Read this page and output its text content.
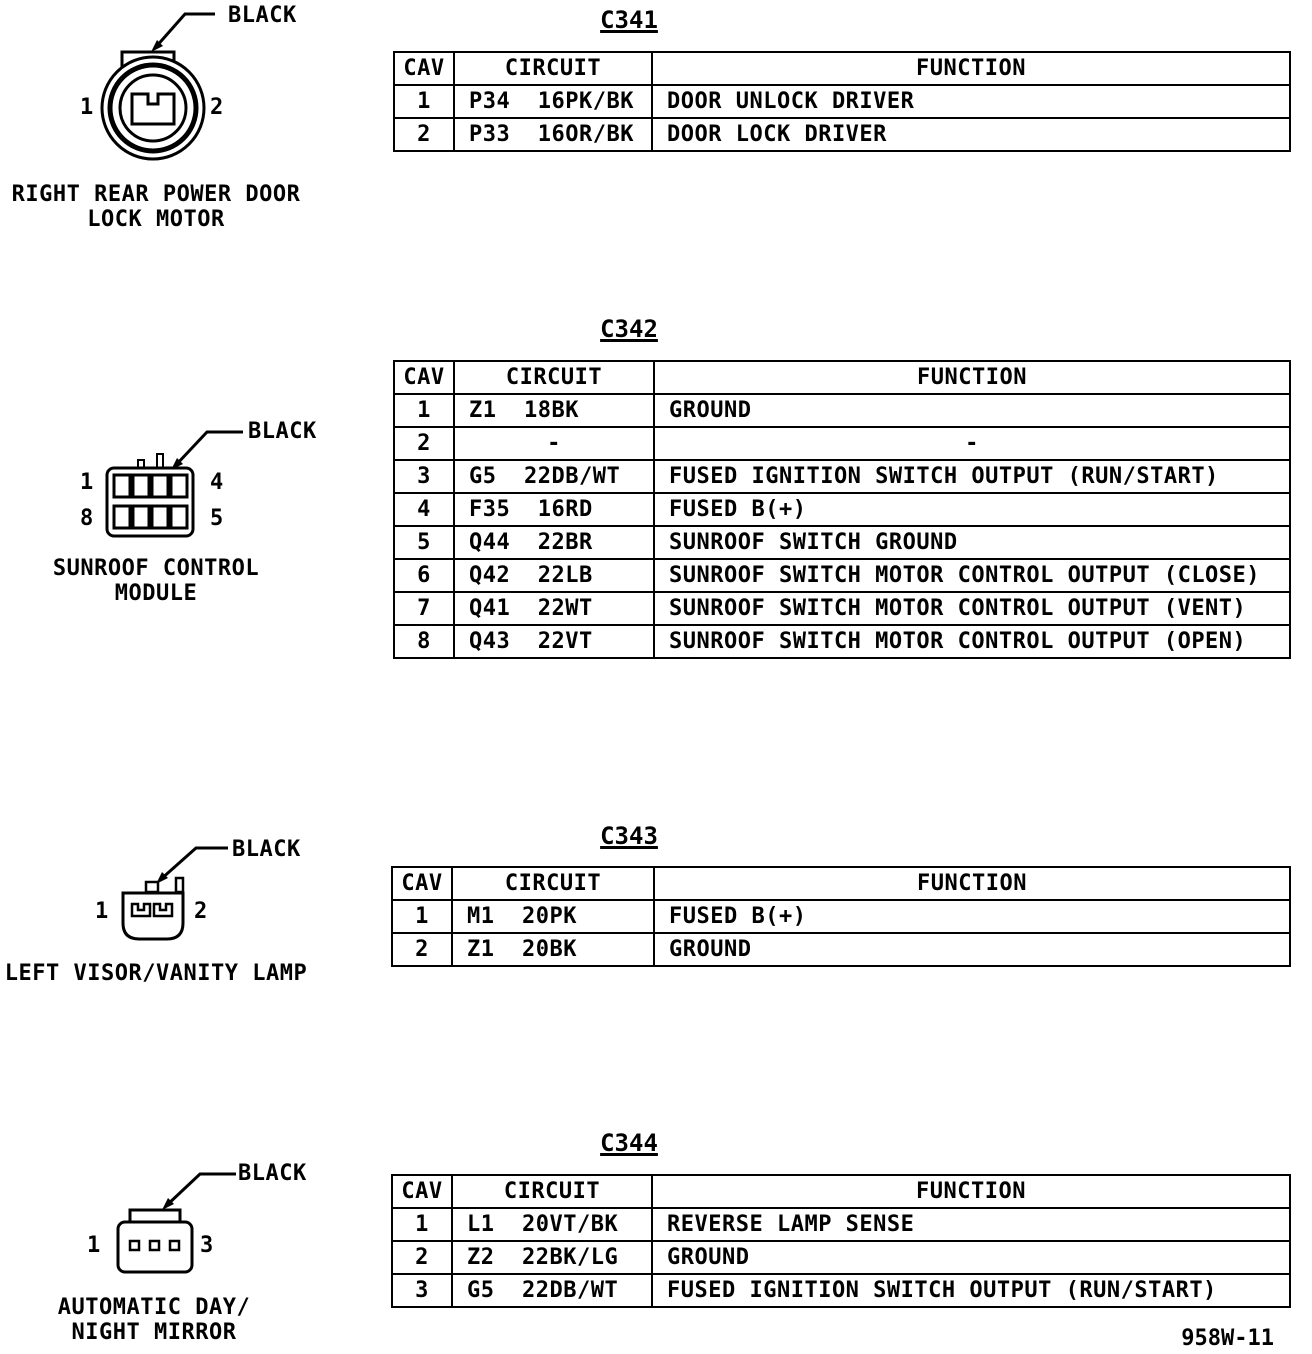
C341
BLACK
1	2
RIGHT REAR POWER DOOR
LOCK MOTOR
CAV	CIRCUIT	FUNCTION
1	P34  16PK/BK	DOOR UNLOCK DRIVER
2	P33  16OR/BK	DOOR LOCK DRIVER
C342
BLACK
1	4
8	5
SUNROOF CONTROL
MODULE
CAV	CIRCUIT	FUNCTION
1	Z1  18BK	GROUND
2	-	-
3	G5  22DB/WT	FUSED IGNITION SWITCH OUTPUT (RUN/START)
4	F35  16RD	FUSED B(+)
5	Q44  22BR	SUNROOF SWITCH GROUND
6	Q42  22LB	SUNROOF SWITCH MOTOR CONTROL OUTPUT (CLOSE)
7	Q41  22WT	SUNROOF SWITCH MOTOR CONTROL OUTPUT (VENT)
8	Q43  22VT	SUNROOF SWITCH MOTOR CONTROL OUTPUT (OPEN)
C343
BLACK
1	2
LEFT VISOR/VANITY LAMP
CAV	CIRCUIT	FUNCTION
1	M1  20PK	FUSED B(+)
2	Z1  20BK	GROUND
C344
BLACK
1	3
AUTOMATIC DAY/
NIGHT MIRROR
CAV	CIRCUIT	FUNCTION
1	L1  20VT/BK	REVERSE LAMP SENSE
2	Z2  22BK/LG	GROUND
3	G5  22DB/WT	FUSED IGNITION SWITCH OUTPUT (RUN/START)
958W-11
